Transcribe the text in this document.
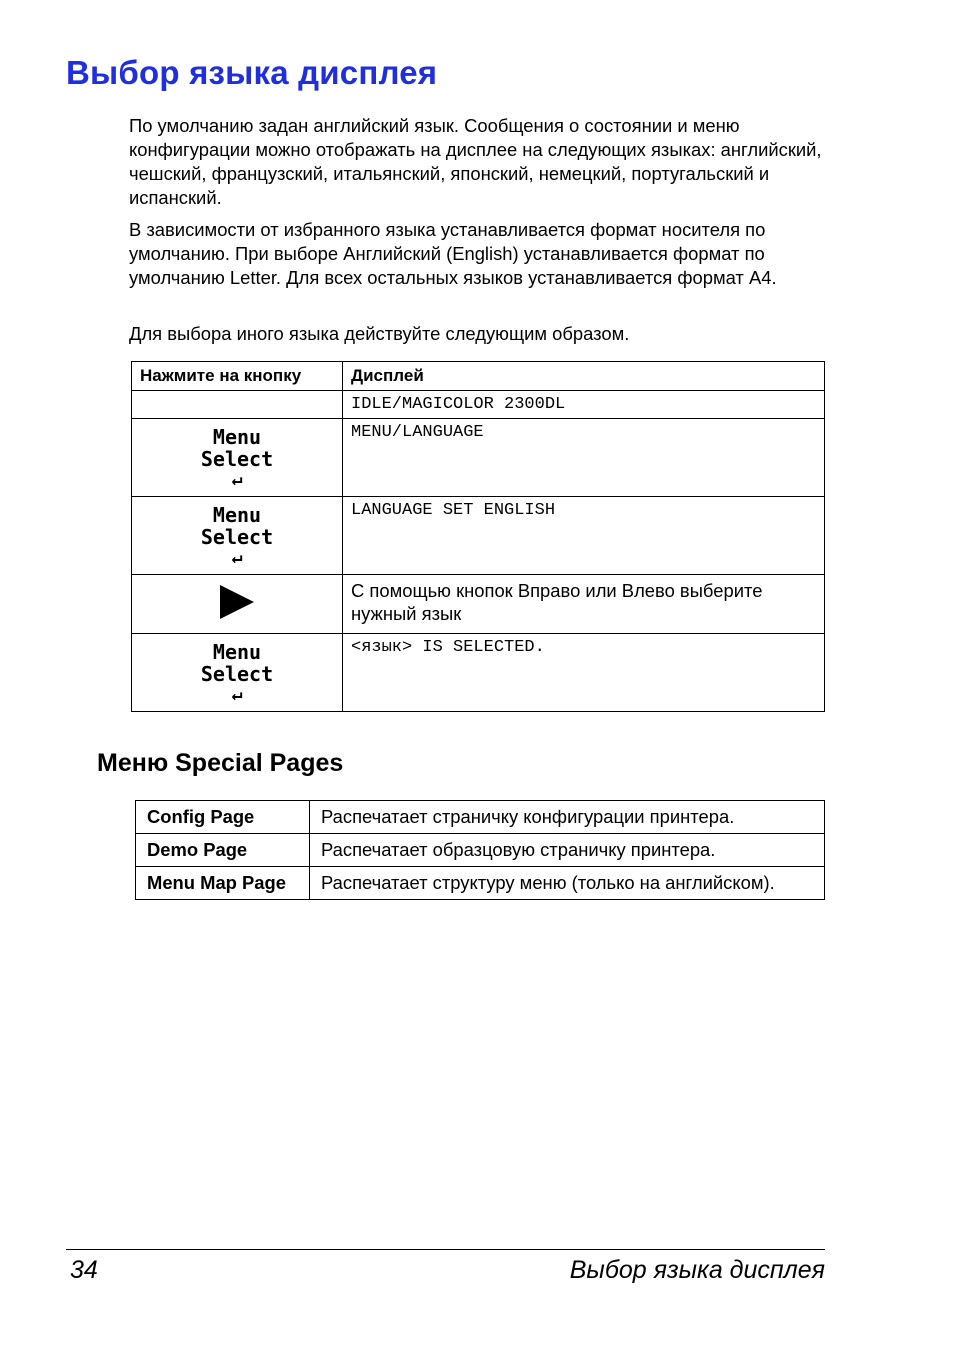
Выбор языка дисплея

По умолчанию задан английский язык. Сообщения о состоянии и меню конфигурации можно отображать на дисплее на следующих языках: английский, чешский, французский, итальянский, японский, немецкий, португальский и испанский.

В зависимости от избранного языка устанавливается формат носителя по умолчанию. При выборе Английский (English) устанавливается формат по умолчанию Letter. Для всех остальных языков устанавливается формат А4.

Для выбора иного языка действуйте следующим образом.

Нажмите на кнопку	Дисплей
	IDLE/MAGICOLOR 2300DL
Menu
Select
↵	MENU/LANGUAGE
Menu
Select
↵	LANGUAGE SET ENGLISH
	С помощью кнопок Вправо или Влево выберите нужный язык
Menu
Select
↵	<язык> IS SELECTED.
Меню Special Pages
Config Page	Распечатает страничку конфигурации принтера.
Demo Page	Распечатает образцовую страничку принтера.
Menu Map Page	Распечатает структуру меню (только на английском).
34	Выбор языка дисплея
